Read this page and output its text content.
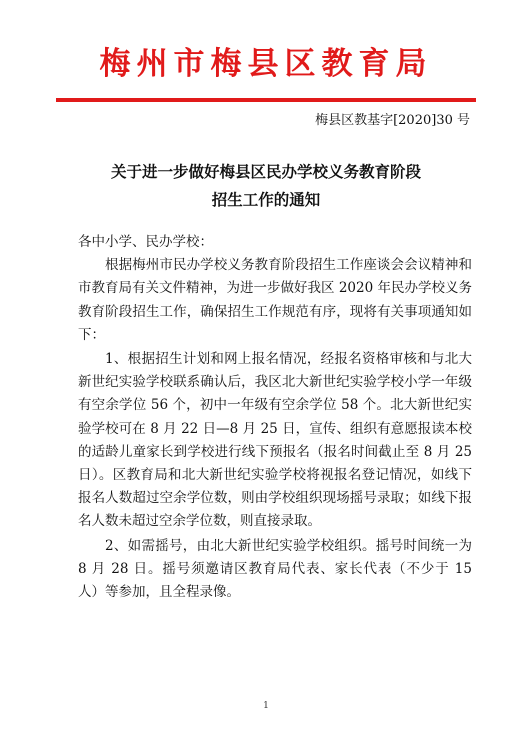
梅州市梅县区教育局
梅县区教基字[2020]30 号
关于进一步做好梅县区民办学校义务教育阶段
招生工作的通知
各中小学、民办学校：

根据梅州市民办学校义务教育阶段招生工作座谈会会议精神和市教育局有关文件精神，为进一步做好我区 2020 年民办学校义务教育阶段招生工作，确保招生工作规范有序，现将有关事项通知如下：

1、根据招生计划和网上报名情况，经报名资格审核和与北大新世纪实验学校联系确认后，我区北大新世纪实验学校小学一年级有空余学位 56 个，初中一年级有空余学位 58 个。北大新世纪实验学校可在 8 月 22 日—8 月 25 日，宣传、组织有意愿报读本校的适龄儿童家长到学校进行线下预报名（报名时间截止至 8 月 25 日）。区教育局和北大新世纪实验学校将视报名登记情况，如线下报名人数超过空余学位数，则由学校组织现场摇号录取；如线下报名人数未超过空余学位数，则直接录取。

2、如需摇号，由北大新世纪实验学校组织。摇号时间统一为 8 月 28 日。摇号须邀请区教育局代表、家长代表（不少于 15 人）等参加，且全程录像。

1
